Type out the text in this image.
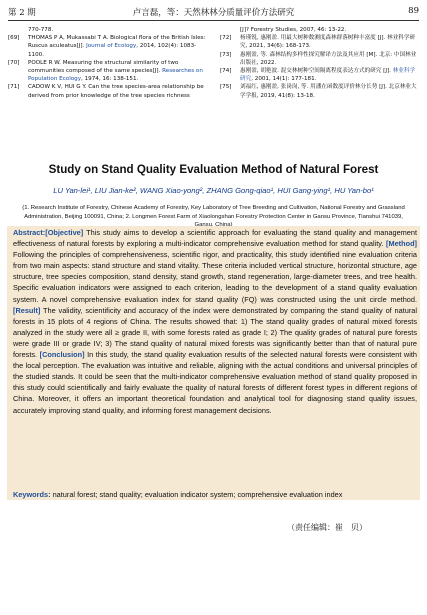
第 2 期	卢言磊，等：天然林林分质量评价方法研究	89

770-778.

[69] THOMAS P A, Mukassabi T A. Biological flora of the British Isles: Ruscus aculeatus[J]. Journal of Ecology, 2014, 102(4): 1083-1100.

[70] POOLE R W. Measuring the structural similarity of two communities composed of the same species[J]. Researches on Population Ecology, 1974, 16: 138-151.

[71] CADOW K V, HUI G Y. Can the tree species-area relationship be derived from prior knowledge of the tree species richness

[J]? Forestry Studies, 2007, 46: 13-22.

[72] 杨瑾锐, 惠刚盈. 用最大树种数测度森林群落树种丰富度 [J]. 林业科学研究, 2021, 34(6): 168-173.

[73] 惠刚盈, 等. 森林结构多样性探究解译方法及其应用 [M]. 北京: 中国林业出版社, 2022.

[74] 惠刚盈, 胡艳波. 混交林树种空间隔离程度表达方式的研究 [J]. 林业科学研究, 2001, 14(1): 177-181.

[75] 刘福红, 惠刚盈, 张岗岗, 等. 用潘在函数度评价林分长势 [J]. 北京林业大学学报, 2019, 41(8): 13-18.

Study on Stand Quality Evaluation Method of Natural Forest
LU Yan-lei¹, LIU Jian-ke², WANG Xiao-yong², ZHANG Gong-qiao¹, HUI Gang-ying¹, HU Yan-bo¹
(1. Research Institute of Forestry, Chinese Academy of Forestry, Key Laboratory of Tree Breeding and Cultivation, National Forestry and Grassland Administration, Beijing 100091, China; 2. Longmen Forest Farm of Xiaolongshan Forestry Protection Center in Gansu Province, Tianshui 741039,
Abstract:[Objective] This study aims to develop a scientific approach for evaluating the stand quality and management effectiveness of natural forests by exploring a multi-indicator comprehensive evaluation method for stand quality. [Method] Following the principles of comprehensiveness, scientific rigor, and practicality, this study identified nine evaluation criteria from two main aspects: stand structure and stand vitality. These criteria included vertical structure, horizontal structure, age structure, tree species composition, stand density, stand growth, stand regeneration, large-diameter trees, and tree health. Specific evaluation indicators were assigned to each criterion, leading to the development of a stand quality evaluation system. A novel comprehensive evaluation index for stand quality (FQ) was constructed using the unit circle method. [Result] The validity, scientificity and accuracy of the index were demonstrated by comparing the stand quality of natural forests in 15 plots of 4 regions of China. The results showed that: 1) The stand quality grades of natural mixed forests analyzed in the study were all ≥ grade II, with some forests rated as grade I; 2) The quality grades of natural pure forests were grade III or grade IV; 3) The stand quality of natural mixed forests was significantly better than that of natural pure forests. [Conclusion] In this study, the stand quality evaluation results of the selected natural forests were consistent with the local perception. The evaluation was intuitive and reliable, aligning with the actual conditions and universal principles of the studied stands. It could be seen that the multi-indicator comprehensive evaluation method of stand quality proposed in this study could scientifically and fairly evaluate the quality of natural forests of different forest types in different regions of China. Moreover, it offers an important theoretical foundation and analytical tool for diagnosing stand quality issues, accurately improving stand quality, and informing forest management decisions.
Keywords: natural forest; stand quality; evaluation indicator system; comprehensive evaluation index
（责任编辑：崔　贝）
